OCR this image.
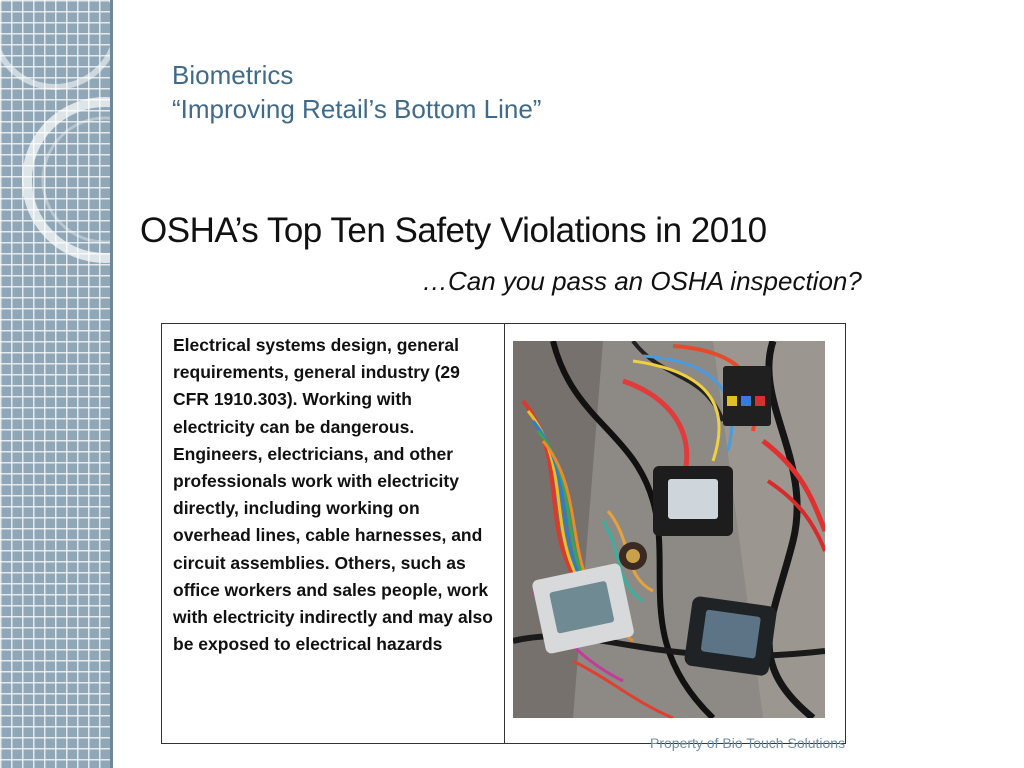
Biometrics
“Improving Retail’s Bottom Line”
OSHA’s Top Ten Safety Violations in 2010
…Can you pass an OSHA inspection?
Electrical systems design, general requirements, general industry (29 CFR 1910.303). Working with electricity can be dangerous. Engineers, electricians, and other professionals work with electricity directly, including working on overhead lines, cable harnesses, and circuit assemblies. Others, such as office workers and sales people, work with electricity indirectly and may also be exposed to electrical hazards
Property of Bio Touch Solutions
